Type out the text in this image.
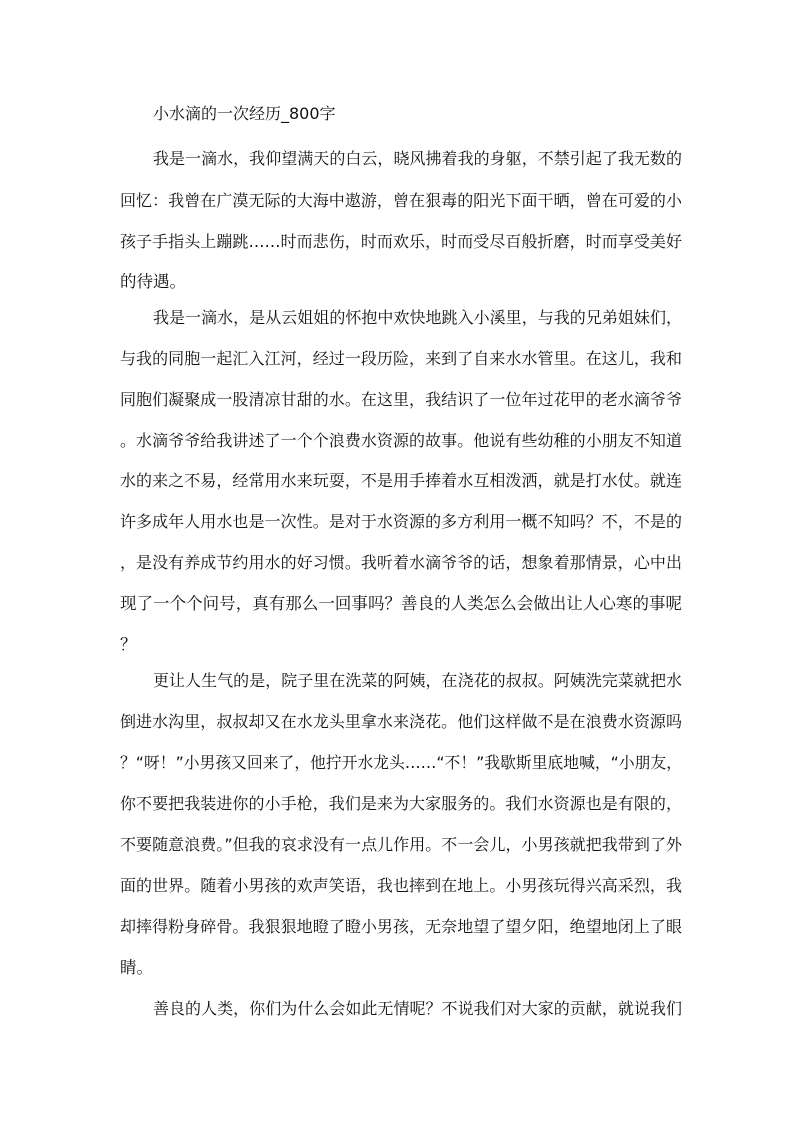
小水滴的一次经历_800字
我是一滴水，我仰望满天的白云，晓风拂着我的身躯，不禁引起了我无数的
回忆：我曾在广漠无际的大海中遨游，曾在狠毒的阳光下面干晒，曾在可爱的小
孩子手指头上蹦跳……时而悲伤，时而欢乐，时而受尽百般折磨，时而享受美好
的待遇。
我是一滴水，是从云姐姐的怀抱中欢快地跳入小溪里，与我的兄弟姐妹们，
与我的同胞一起汇入江河，经过一段历险，来到了自来水水管里。在这儿，我和
同胞们凝聚成一股清凉甘甜的水。在这里，我结识了一位年过花甲的老水滴爷爷
。水滴爷爷给我讲述了一个个浪费水资源的故事。他说有些幼稚的小朋友不知道
水的来之不易，经常用水来玩耍，不是用手捧着水互相泼洒，就是打水仗。就连
许多成年人用水也是一次性。是对于水资源的多方利用一概不知吗？不，不是的
，是没有养成节约用水的好习惯。我听着水滴爷爷的话，想象着那情景，心中出
现了一个个问号，真有那么一回事吗？善良的人类怎么会做出让人心寒的事呢
？
更让人生气的是，院子里在洗菜的阿姨，在浇花的叔叔。阿姨洗完菜就把水
倒进水沟里，叔叔却又在水龙头里拿水来浇花。他们这样做不是在浪费水资源吗
？“呀！”小男孩又回来了，他拧开水龙头……“不！”我歇斯里底地喊，“小朋友，
你不要把我装进你的小手枪，我们是来为大家服务的。我们水资源也是有限的，
不要随意浪费。”但我的哀求没有一点儿作用。不一会儿，小男孩就把我带到了外
面的世界。随着小男孩的欢声笑语，我也摔到在地上。小男孩玩得兴高采烈，我
却摔得粉身碎骨。我狠狠地瞪了瞪小男孩，无奈地望了望夕阳，绝望地闭上了眼
睛。
善良的人类，你们为什么会如此无情呢？不说我们对大家的贡献，就说我们
